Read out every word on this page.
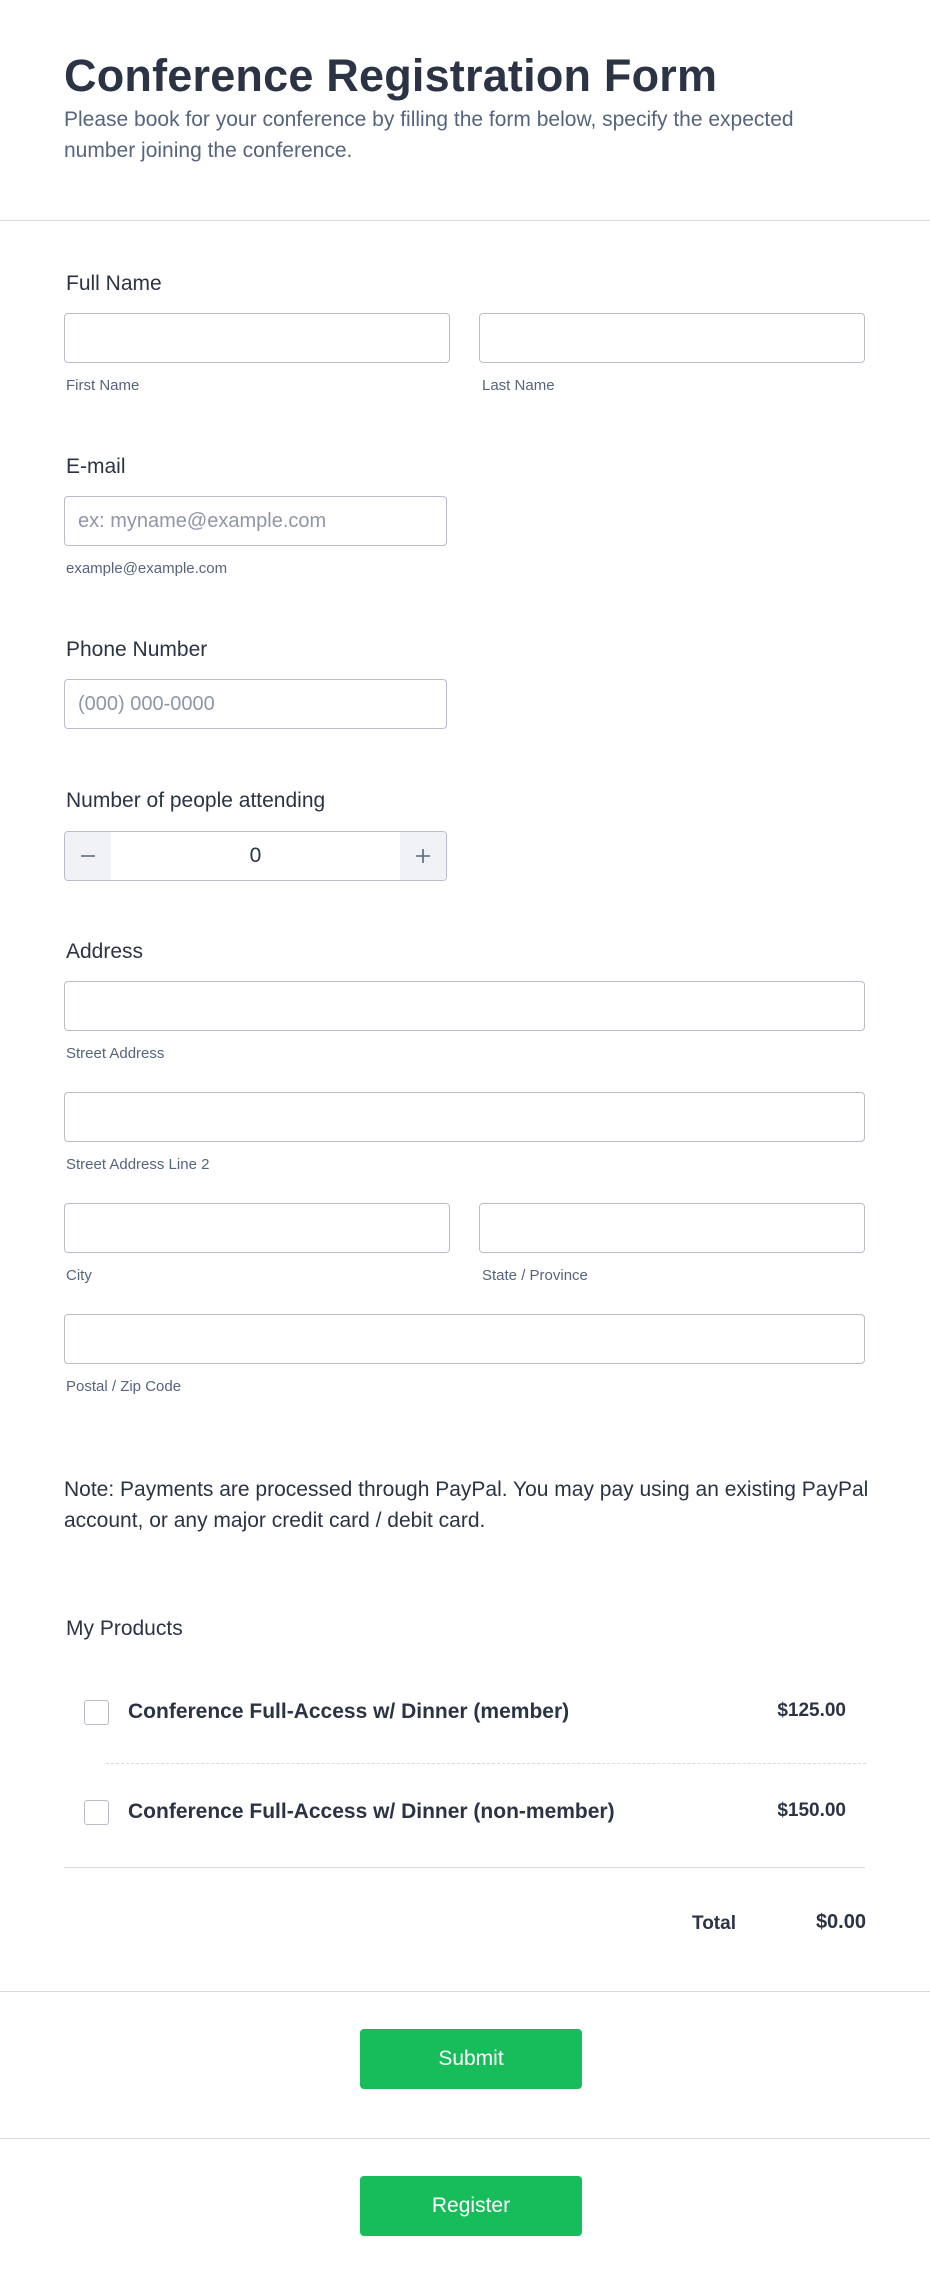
Conference Registration Form

Please book for your conference by filling the form below, specify the expected number joining the conference.

Full Name
First Name	Last Name
E-mail
ex: myname@example.com
example@example.com
Phone Number
(000) 000-0000
Number of people attending
0
Address
Street Address
Street Address Line 2
City	State / Province
Postal / Zip Code

Note: Payments are processed through PayPal. You may pay using an existing PayPal account, or any major credit card / debit card.

My Products
Conference Full-Access w/ Dinner (member)	$125.00
Conference Full-Access w/ Dinner (non-member)	$150.00
Total	$0.00
Submit
Register
